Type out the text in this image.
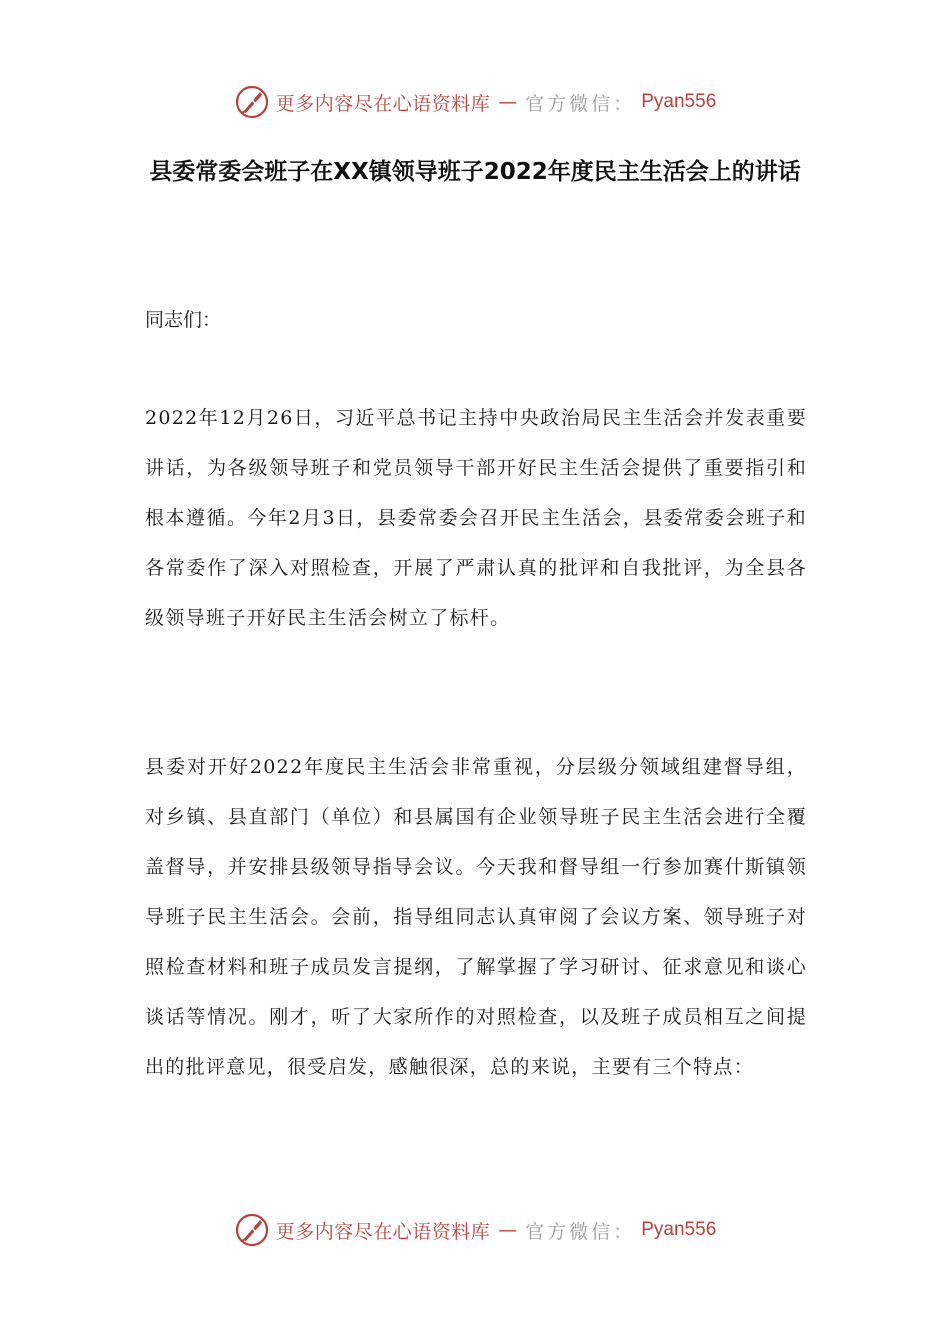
更多内容尽在心语资料库 — 官方微信： Pyan556
县委常委会班子在XX镇领导班子2022年度民主生活会上的讲话
同志们：

2022年12月26日，习近平总书记主持中央政治局民主生活会并发表重要讲话，为各级领导班子和党员领导干部开好民主生活会提供了重要指引和根本遵循。今年2月3日，县委常委会召开民主生活会，县委常委会班子和各常委作了深入对照检查，开展了严肃认真的批评和自我批评，为全县各级领导班子开好民主生活会树立了标杆。

县委对开好2022年度民主生活会非常重视，分层级分领域组建督导组，对乡镇、县直部门（单位）和县属国有企业领导班子民主生活会进行全覆盖督导，并安排县级领导指导会议。今天我和督导组一行参加赛什斯镇领导班子民主生活会。会前，指导组同志认真审阅了会议方案、领导班子对照检查材料和班子成员发言提纲，了解掌握了学习研讨、征求意见和谈心谈话等情况。刚才，听了大家所作的对照检查，以及班子成员相互之间提出的批评意见，很受启发，感触很深，总的来说，主要有三个特点：

更多内容尽在心语资料库 — 官方微信： Pyan556
